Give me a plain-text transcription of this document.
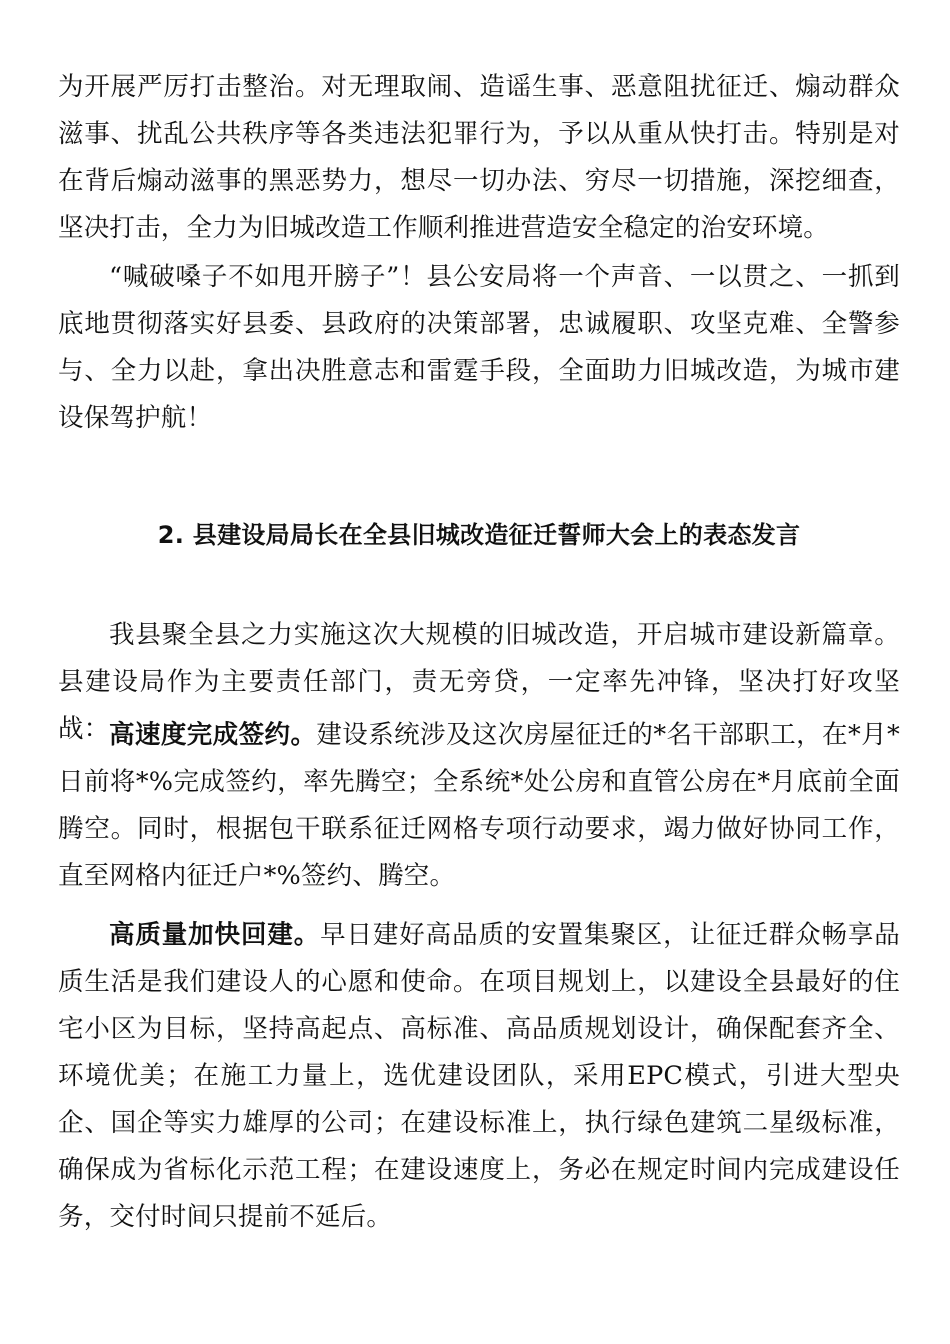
为开展严厉打击整治。对无理取闹、造谣生事、恶意阻扰征迁、煽动群众滋事、扰乱公共秩序等各类违法犯罪行为，予以从重从快打击。特别是对在背后煽动滋事的黑恶势力，想尽一切办法、穷尽一切措施，深挖细查，坚决打击，全力为旧城改造工作顺利推进营造安全稳定的治安环境。

“喊破嗓子不如甩开膀子”！县公安局将一个声音、一以贯之、一抓到底地贯彻落实好县委、县政府的决策部署，忠诚履职、攻坚克难、全警参与、全力以赴，拿出决胜意志和雷霆手段，全面助力旧城改造，为城市建设保驾护航！

2. 县建设局局长在全县旧城改造征迁誓师大会上的表态发言

我县聚全县之力实施这次大规模的旧城改造，开启城市建设新篇章。县建设局作为主要责任部门，责无旁贷，一定率先冲锋，坚决打好攻坚战： 高速度完成签约。建设系统涉及这次房屋征迁的*名干部职工，在*月*日前将*%完成签约，率先腾空；全系统*处公房和直管公房在*月底前全面腾空。同时，根据包干联系征迁网格专项行动要求，竭力做好协同工作，直至网格内征迁户*%签约、腾空。

高质量加快回建。早日建好高品质的安置集聚区，让征迁群众畅享品质生活是我们建设人的心愿和使命。在项目规划上，以建设全县最好的住宅小区为目标，坚持高起点、高标准、高品质规划设计，确保配套齐全、环境优美；在施工力量上，选优建设团队，采用EPC模式，引进大型央企、国企等实力雄厚的公司；在建设标准上，执行绿色建筑二星级标准，确保成为省标化示范工程；在建设速度上，务必在规定时间内完成建设任务，交付时间只提前不延后。
